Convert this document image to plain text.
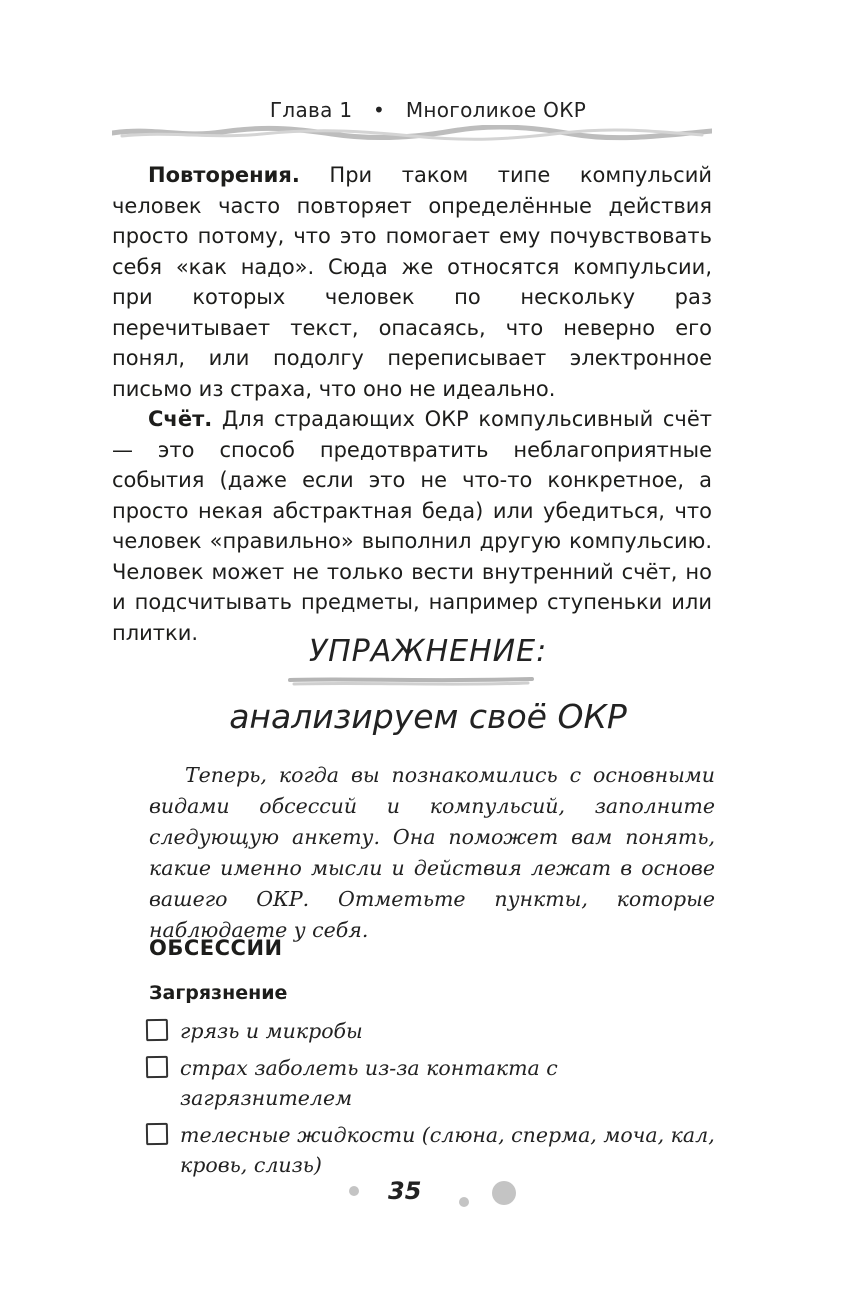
Глава 1 • Многоликое ОКР

Повторения. При таком типе компульсий человек часто повторяет определённые действия просто потому, что это помогает ему почувствовать себя «как надо». Сюда же относятся компульсии, при которых человек по нескольку раз перечитывает текст, опасаясь, что неверно его понял, или подолгу переписывает электронное письмо из страха, что оно не идеально.

Счёт. Для страдающих ОКР компульсивный счёт — это способ предотвратить неблагоприятные события (даже если это не что-то конкретное, а просто некая абстрактная беда) или убедиться, что человек «правильно» выполнил другую компульсию. Человек может не только вести внутренний счёт, но и подсчитывать предметы, например ступеньки или плитки.

УПРАЖНЕНИЕ:
анализируем своё ОКР

Теперь, когда вы познакомились с основными видами обсессий и компульсий, заполните следующую анкету. Она поможет вам понять, какие именно мысли и действия лежат в основе вашего ОКР. Отметьте пункты, которые наблюдаете у себя.

ОБСЕССИИ
Загрязнение
грязь и микробы
страх заболеть из-за контакта с загрязнителем
телесные жидкости (слюна, сперма, моча, кал, кровь, слизь)
35
